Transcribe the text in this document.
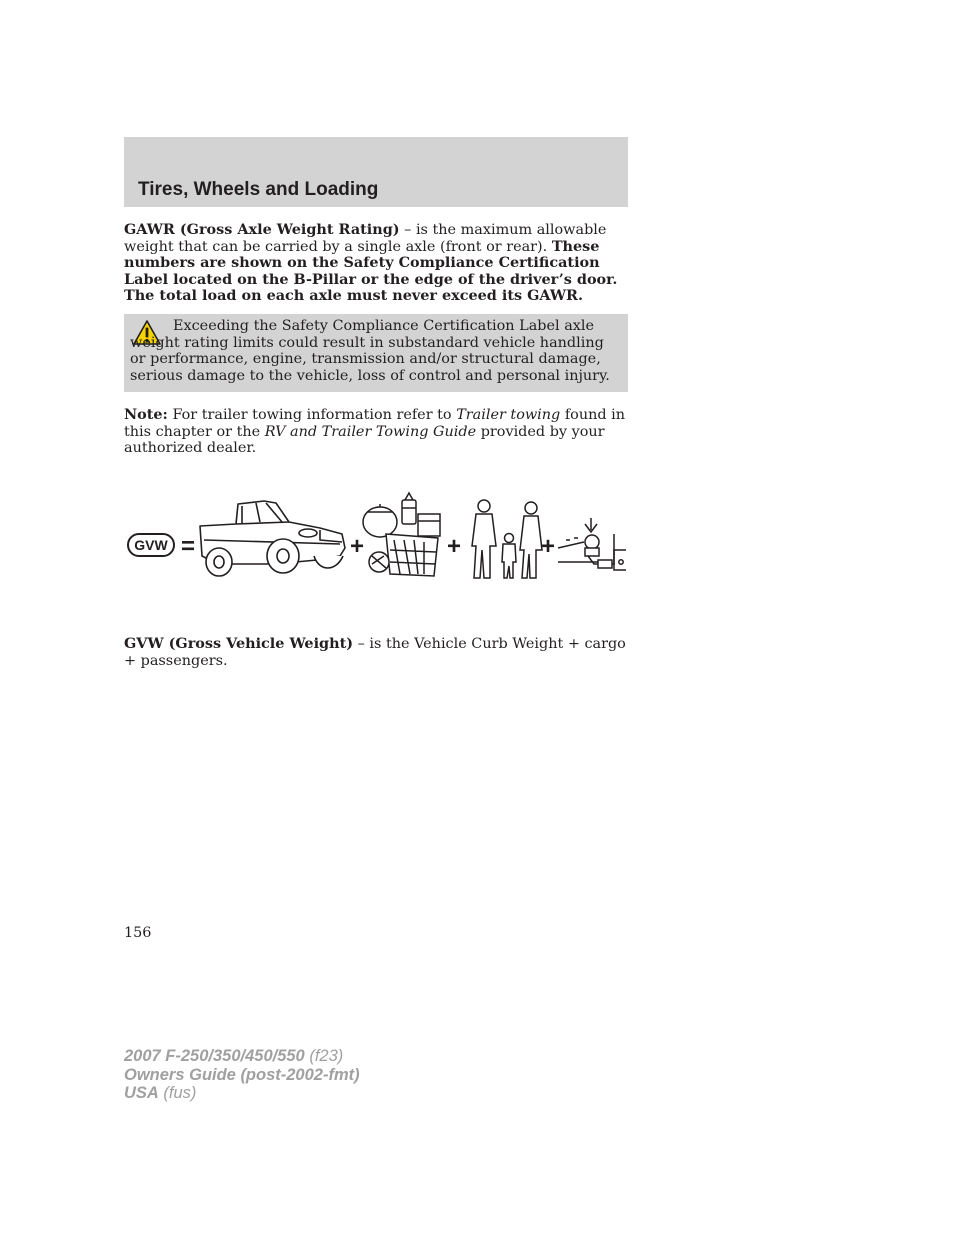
Tires, Wheels and Loading
GAWR (Gross Axle Weight Rating) – is the maximum allowable weight that can be carried by a single axle (front or rear). These numbers are shown on the Safety Compliance Certification Label located on the B-Pillar or the edge of the driver’s door. The total load on each axle must never exceed its GAWR.
Exceeding the Safety Compliance Certification Label axle weight rating limits could result in substandard vehicle handling or performance, engine, transmission and/or structural damage, serious damage to the vehicle, loss of control and personal injury.
Note: For trailer towing information refer to Trailer towing found in this chapter or the RV and Trailer Towing Guide provided by your authorized dealer.
GVW =	+	+	+
GVW (Gross Vehicle Weight) – is the Vehicle Curb Weight + cargo + passengers.
156
2007 F-250/350/450/550 (f23)
Owners Guide (post-2002-fmt)
USA (fus)
